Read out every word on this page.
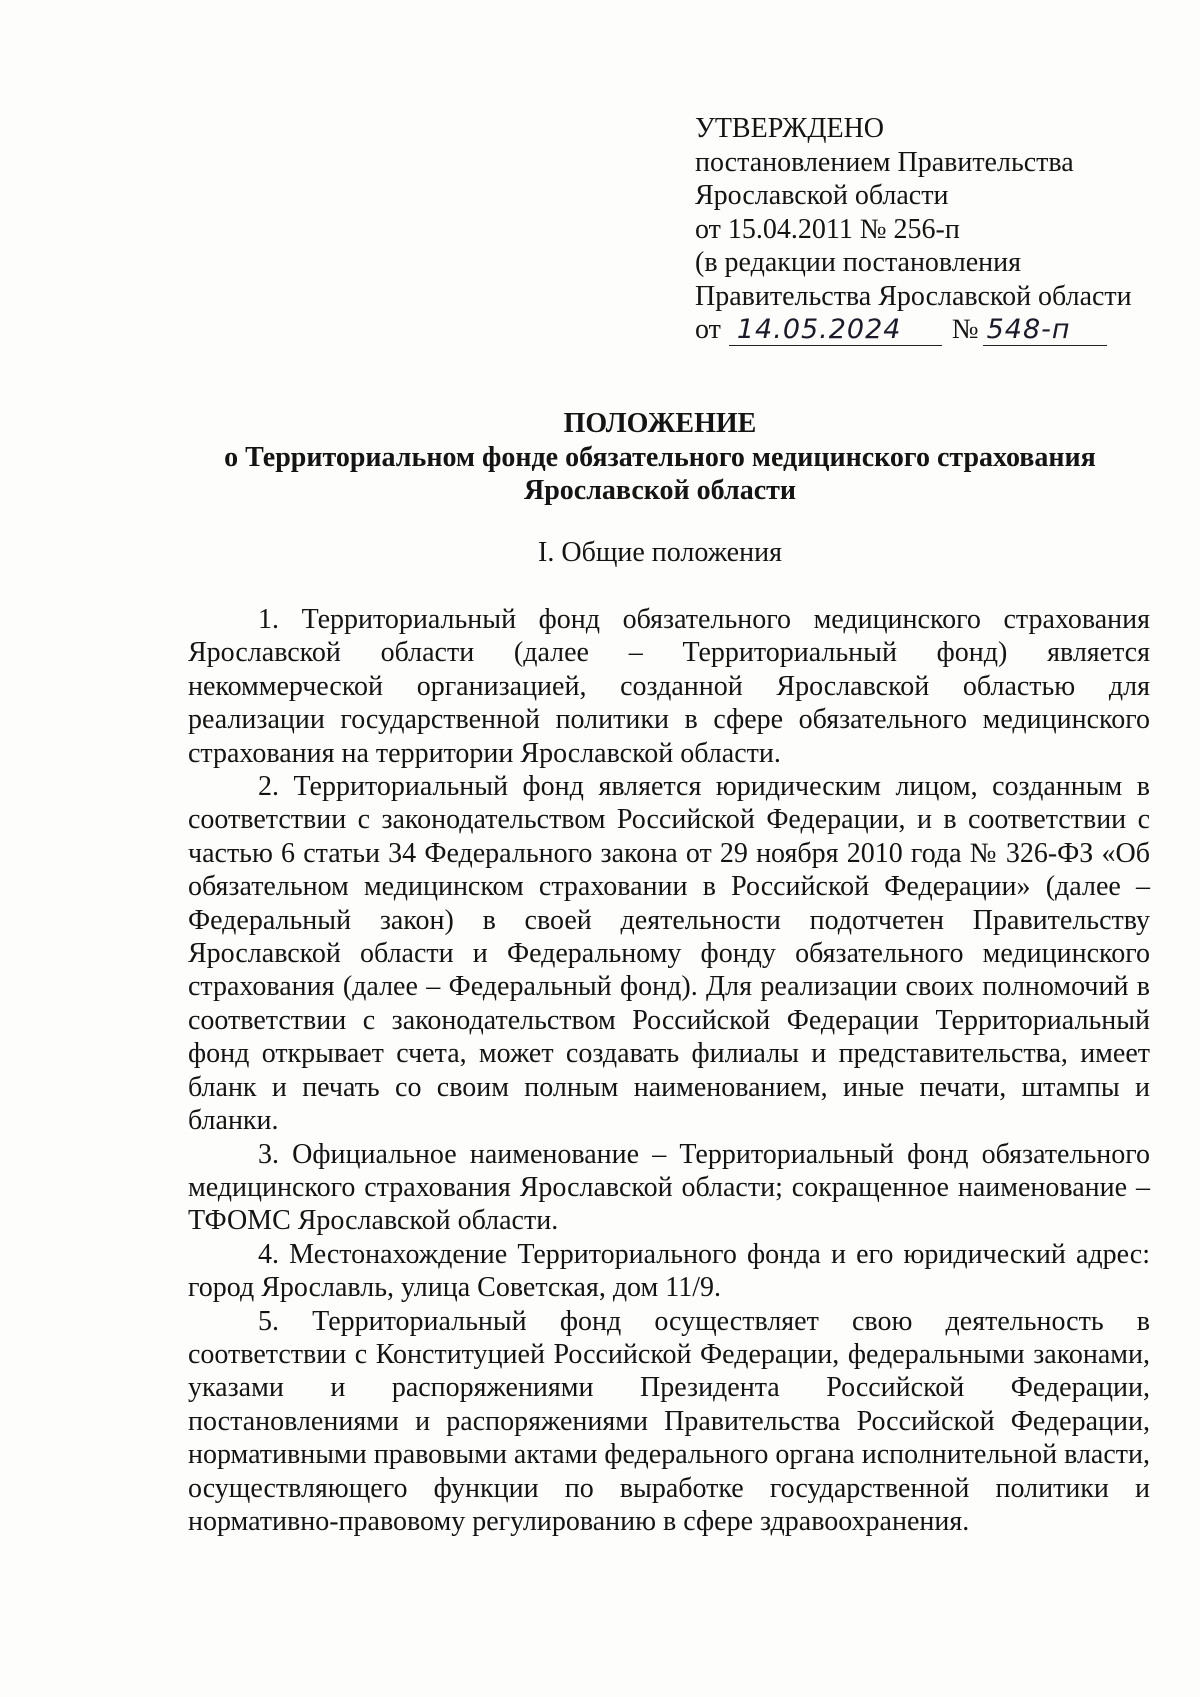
УТВЕРЖДЕНО
постановлением Правительства
Ярославской области
от 15.04.2011 № 256-п
(в редакции постановления
Правительства Ярославской области
от 14.05.2024	№ 548-п
ПОЛОЖЕНИЕ
о Территориальном фонде обязательного медицинского страхования
Ярославской области
I. Общие положения

1. Территориальный фонд обязательного медицинского страхования Ярославской области (далее – Территориальный фонд) является некоммерческой организацией, созданной Ярославской областью для реализации государственной политики в сфере обязательного медицинского страхования на территории Ярославской области.

2. Территориальный фонд является юридическим лицом, созданным в соответствии с законодательством Российской Федерации, и в соответствии с частью 6 статьи 34 Федерального закона от 29 ноября 2010 года № 326-ФЗ «Об обязательном медицинском страховании в Российской Федерации» (далее – Федеральный закон) в своей деятельности подотчетен Правительству Ярославской области и Федеральному фонду обязательного медицинского страхования (далее – Федеральный фонд). Для реализации своих полномочий в соответствии с законодательством Российской Федерации Территориальный фонд открывает счета, может создавать филиалы и представительства, имеет бланк и печать со своим полным наименованием, иные печати, штампы и бланки.

3. Официальное наименование – Территориальный фонд обязательного медицинского страхования Ярославской области; сокращенное наименование – ТФОМС Ярославской области.

4. Местонахождение Территориального фонда и его юридический адрес: город Ярославль, улица Советская, дом 11/9.

5. Территориальный фонд осуществляет свою деятельность в соответствии с Конституцией Российской Федерации, федеральными законами, указами и распоряжениями Президента Российской Федерации, постановлениями и распоряжениями Правительства Российской Федерации, нормативными правовыми актами федерального органа исполнительной власти, осуществляющего функции по выработке государственной политики и нормативно-правовому регулированию в сфере здравоохранения.
